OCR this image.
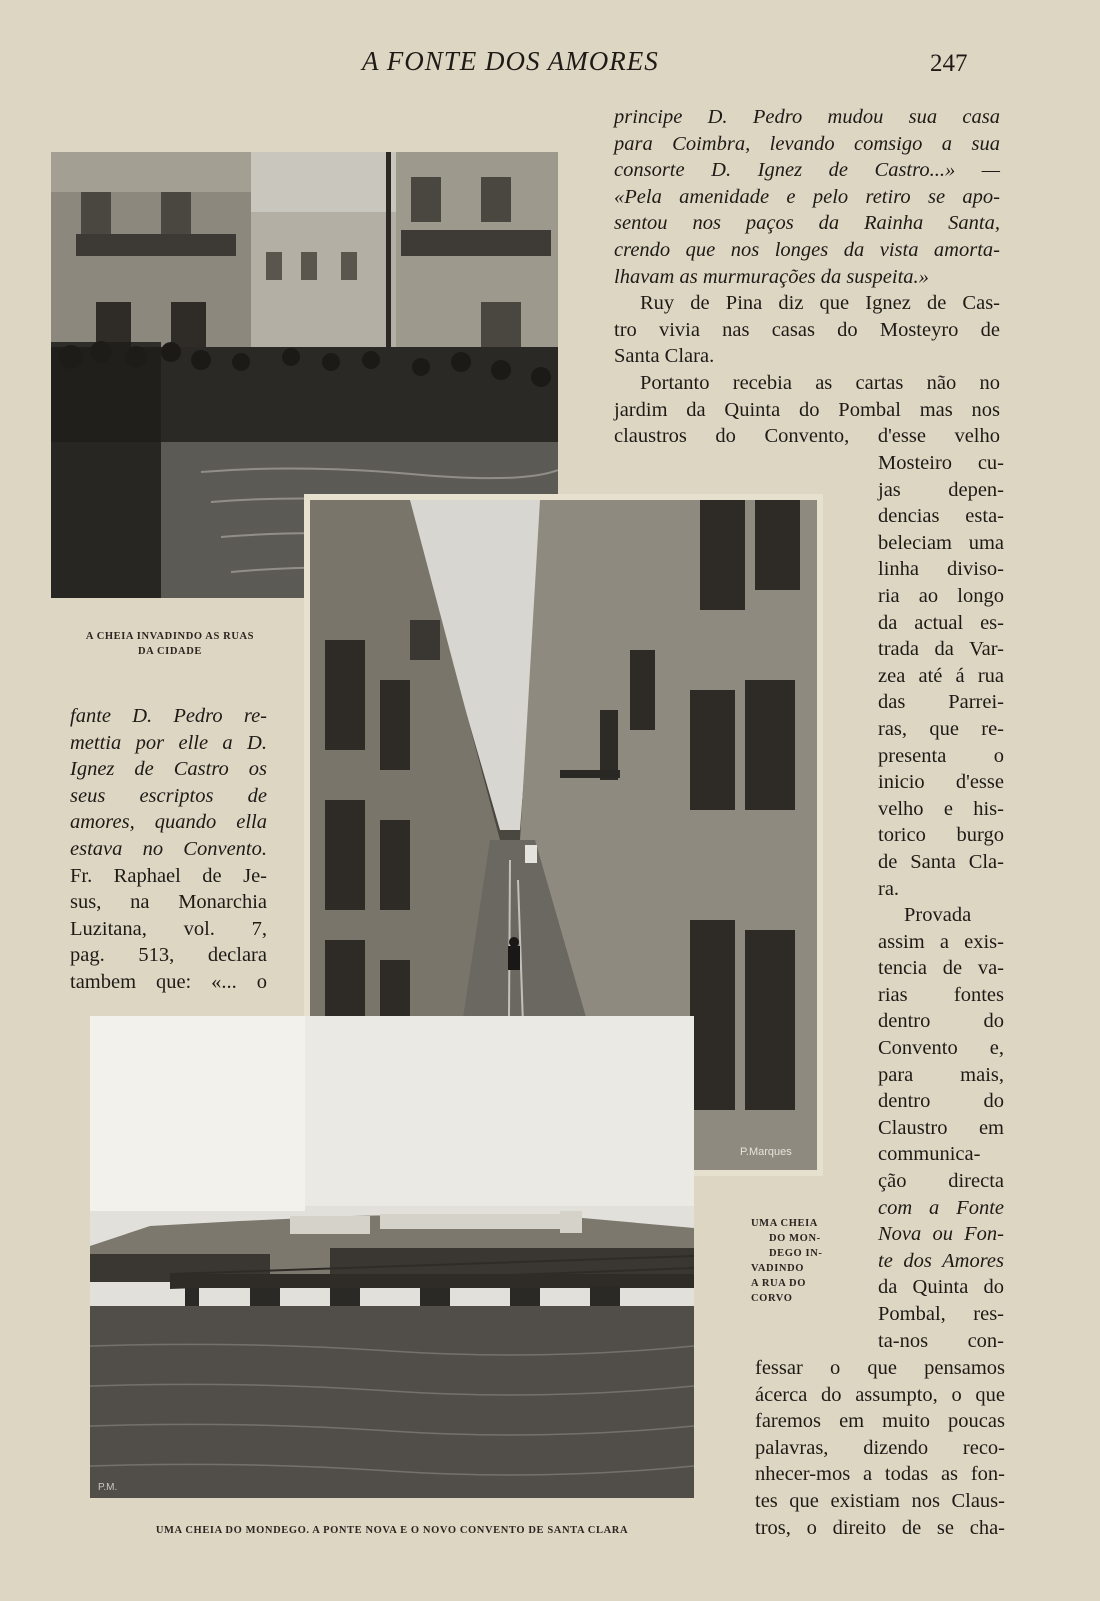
A FONTE DOS AMORES	247
P.Marques
P.M.
principe D. Pedro mudou sua casa
para Coimbra, levando comsigo a sua
consorte D. Ignez de Castro...» —
«Pela amenidade e pelo retiro se apo-
sentou nos paços da Rainha Santa,
crendo que nos longes da vista amorta-
lhavam as murmurações da suspeita.»
Ruy de Pina diz que Ignez de Cas-
tro vivia nas casas do Mosteyro de
Santa Clara.
Portanto recebia as cartas não no
jardim da Quinta do Pombal mas nos
claustros do Convento, d'esse velho
Mosteiro cu-
jas depen-
dencias esta-
beleciam uma
linha diviso-
ria ao longo
da actual es-
trada da Var-
zea até á rua
das Parrei-
ras, que re-
presenta o
inicio d'esse
velho e his-
torico burgo
de Santa Cla-
ra.
Provada
assim a exis-
tencia de va-
rias fontes
dentro do
Convento e,
para mais,
dentro do
Claustro em
communica-
ção directa
com a Fonte
Nova ou Fon-
te dos Amores
da Quinta do
Pombal, res-
ta-nos con-
fessar o que pensamos
ácerca do assumpto, o que
faremos em muito poucas
palavras, dizendo reco-
nhecer-mos a todas as fon-
tes que existiam nos Claus-
tros, o direito de se cha-
fante D. Pedro re-
mettia por elle a D.
Ignez de Castro os
seus escriptos de
amores, quando ella
estava no Convento.
Fr. Raphael de Je-
sus, na Monarchia
Luzitana, vol. 7,
pag. 513, declara
tambem que: «... o
A CHEIA INVADINDO AS RUAS
DA CIDADE
UMA CHEIA
DO MON-
DEGO IN-
VADINDO
A RUA DO
CORVO
UMA CHEIA DO MONDEGO. A PONTE NOVA E O NOVO CONVENTO DE SANTA CLARA
